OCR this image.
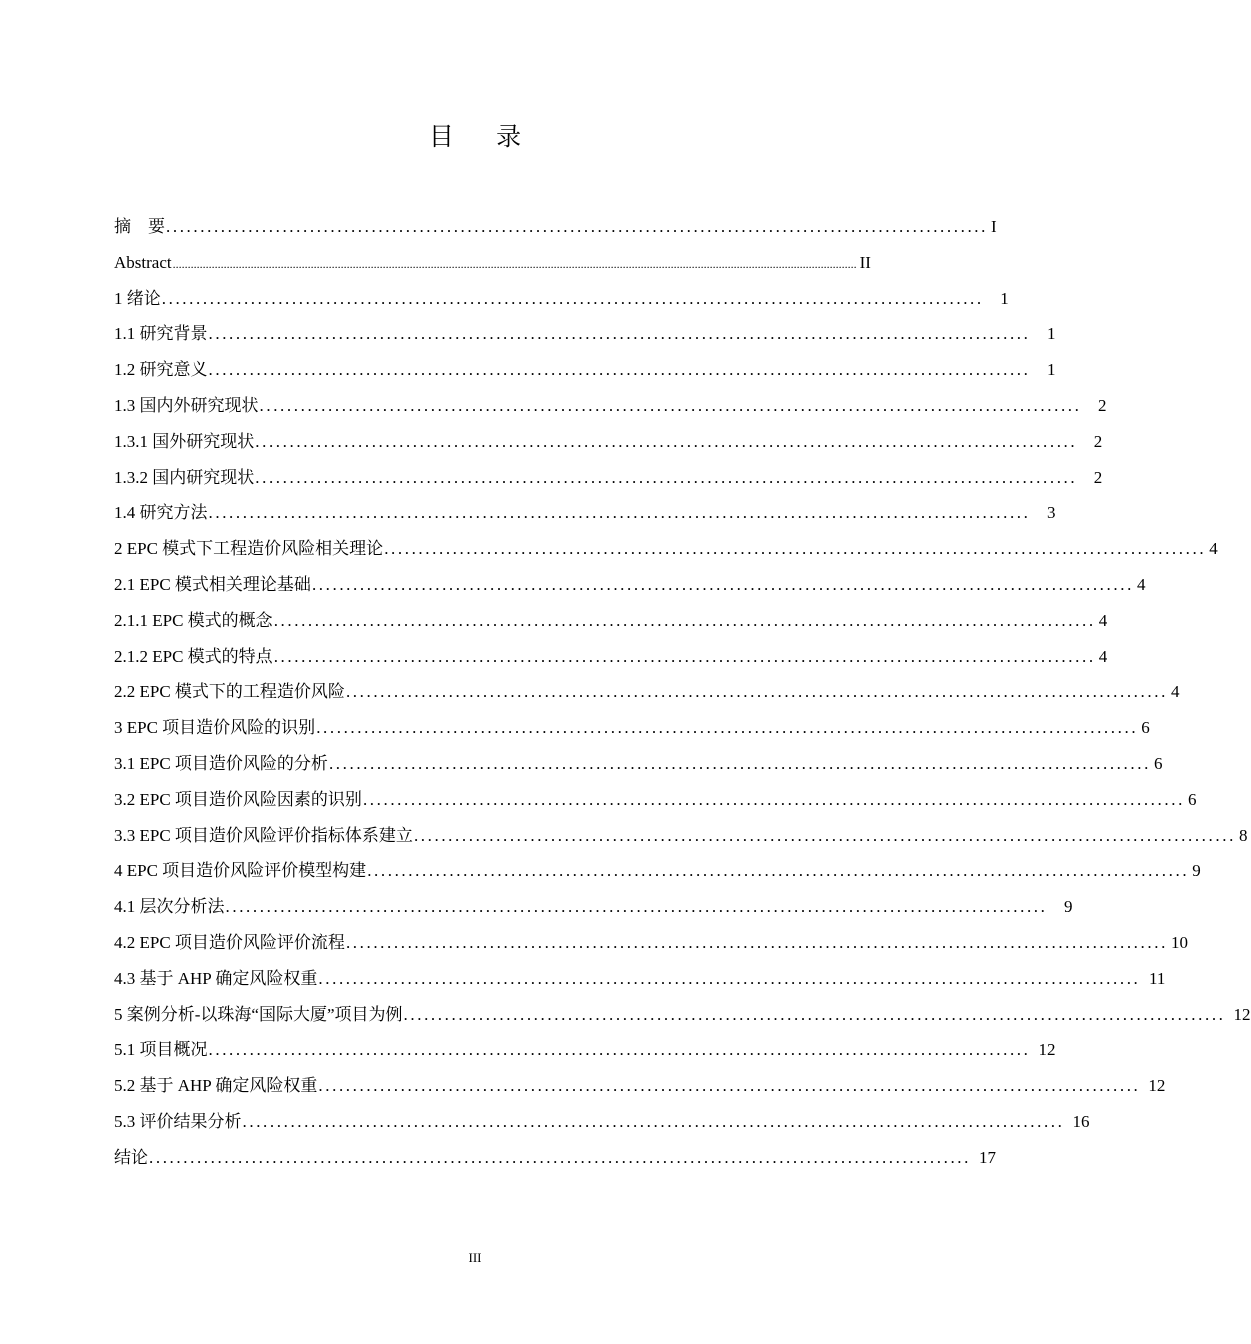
目 录
摘　要 ........................................................................................................................ I
Abstract .................................................................................................................................................................................................................................... II
1 绪论 ........................................................................................................................ 1
1.1 研究背景 ........................................................................................................................ 1
1.2 研究意义 ........................................................................................................................ 1
1.3 国内外研究现状 ........................................................................................................................ 2
1.3.1 国外研究现状 ........................................................................................................................ 2
1.3.2 国内研究现状 ........................................................................................................................ 2
1.4 研究方法 ........................................................................................................................ 3
2 EPC 模式下工程造价风险相关理论 ........................................................................................................................ 4
2.1 EPC 模式相关理论基础 ........................................................................................................................ 4
2.1.1 EPC 模式的概念 ........................................................................................................................ 4
2.1.2 EPC 模式的特点 ........................................................................................................................ 4
2.2 EPC 模式下的工程造价风险 ........................................................................................................................ 4
3 EPC 项目造价风险的识别 ........................................................................................................................ 6
3.1 EPC 项目造价风险的分析 ........................................................................................................................ 6
3.2 EPC 项目造价风险因素的识别 ........................................................................................................................ 6
3.3 EPC 项目造价风险评价指标体系建立 ........................................................................................................................ 8
4 EPC 项目造价风险评价模型构建 ........................................................................................................................ 9
4.1 层次分析法 ........................................................................................................................ 9
4.2 EPC 项目造价风险评价流程 ........................................................................................................................ 10
4.3 基于 AHP 确定风险权重 ........................................................................................................................ 11
5 案例分析-以珠海“国际大厦”项目为例 ........................................................................................................................ 12
5.1 项目概况 ........................................................................................................................ 12
5.2 基于 AHP 确定风险权重 ........................................................................................................................ 12
5.3 评价结果分析 ........................................................................................................................ 16
结论 ........................................................................................................................ 17
III
